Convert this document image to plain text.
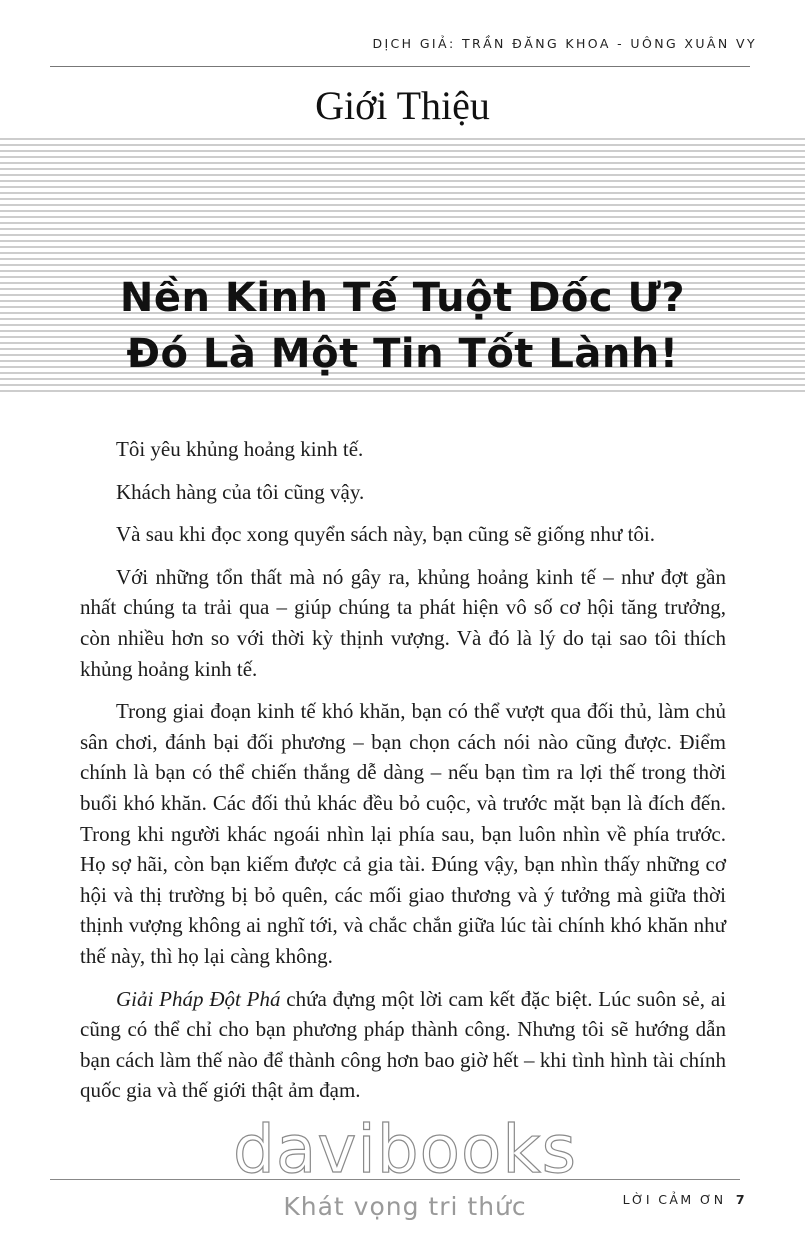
DỊCH GIẢ: TRẦN ĐĂNG KHOA - UÔNG XUÂN VY
Giới Thiệu

Nền Kinh Tế Tuột Dốc Ư?

Đó Là Một Tin Tốt Lành!

Tôi yêu khủng hoảng kinh tế.

Khách hàng của tôi cũng vậy.

Và sau khi đọc xong quyển sách này, bạn cũng sẽ giống như tôi.

Với những tổn thất mà nó gây ra, khủng hoảng kinh tế – như đợt gần nhất chúng ta trải qua – giúp chúng ta phát hiện vô số cơ hội tăng trưởng, còn nhiều hơn so với thời kỳ thịnh vượng. Và đó là lý do tại sao tôi thích khủng hoảng kinh tế.

Trong giai đoạn kinh tế khó khăn, bạn có thể vượt qua đối thủ, làm chủ sân chơi, đánh bại đối phương – bạn chọn cách nói nào cũng được. Điểm chính là bạn có thể chiến thắng dễ dàng – nếu bạn tìm ra lợi thế trong thời buổi khó khăn. Các đối thủ khác đều bỏ cuộc, và trước mặt bạn là đích đến. Trong khi người khác ngoái nhìn lại phía sau, bạn luôn nhìn về phía trước. Họ sợ hãi, còn bạn kiếm được cả gia tài. Đúng vậy, bạn nhìn thấy những cơ hội và thị trường bị bỏ quên, các mối giao thương và ý tưởng mà giữa thời thịnh vượng không ai nghĩ tới, và chắc chắn giữa lúc tài chính khó khăn như thế này, thì họ lại càng không.

Giải Pháp Đột Phá chứa đựng một lời cam kết đặc biệt. Lúc suôn sẻ, ai cũng có thể chỉ cho bạn phương pháp thành công. Nhưng tôi sẽ hướng dẫn bạn cách làm thế nào để thành công hơn bao giờ hết – khi tình hình tài chính quốc gia và thế giới thật ảm đạm.

davibooks
Khát vọng tri thức	LỜI CẢM ƠN 7
